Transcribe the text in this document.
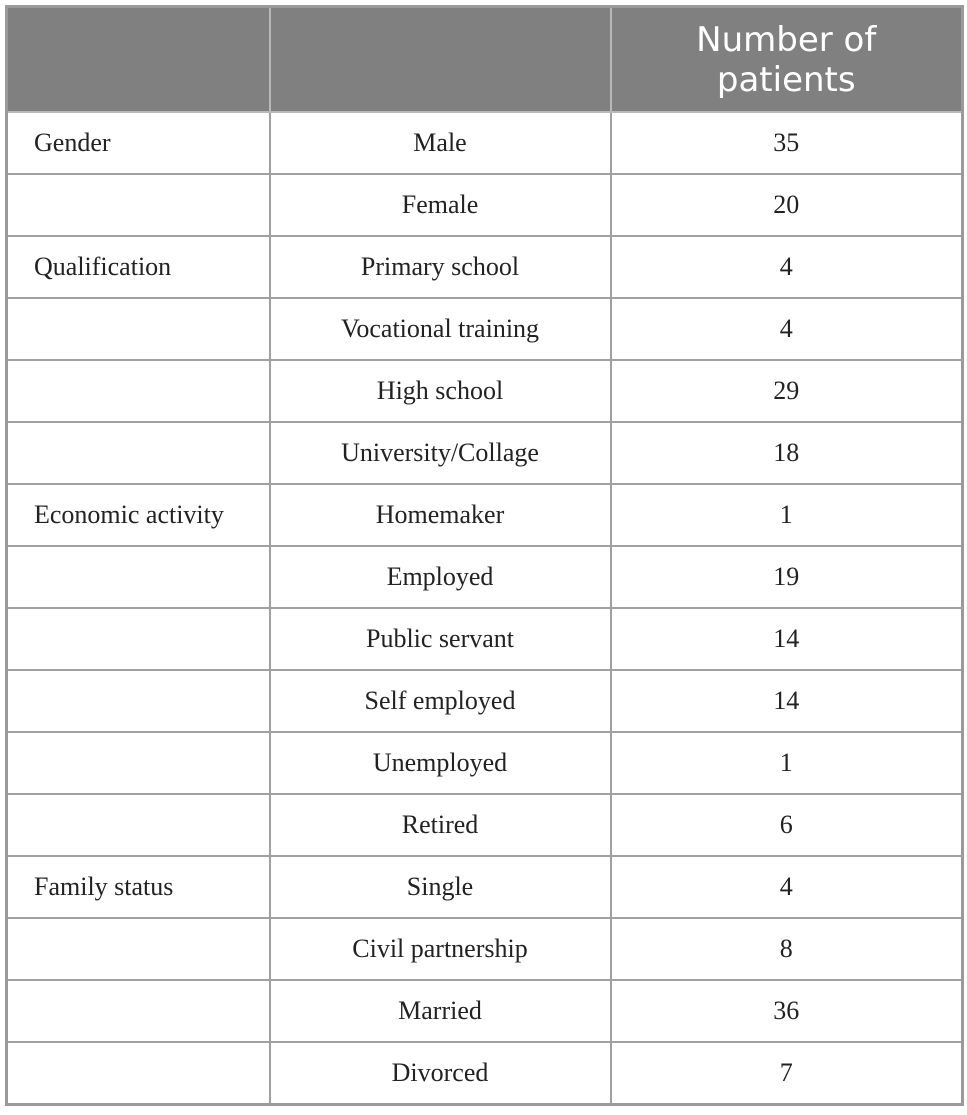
		Number of patients

Gender	Male	35
	Female	20
Qualification	Primary school	4
	Vocational training	4
	High school	29
	University/Collage	18
Economic activity	Homemaker	1
	Employed	19
	Public servant	14
	Self employed	14
	Unemployed	1
	Retired	6
Family status	Single	4
	Civil partnership	8
	Married	36
	Divorced	7
